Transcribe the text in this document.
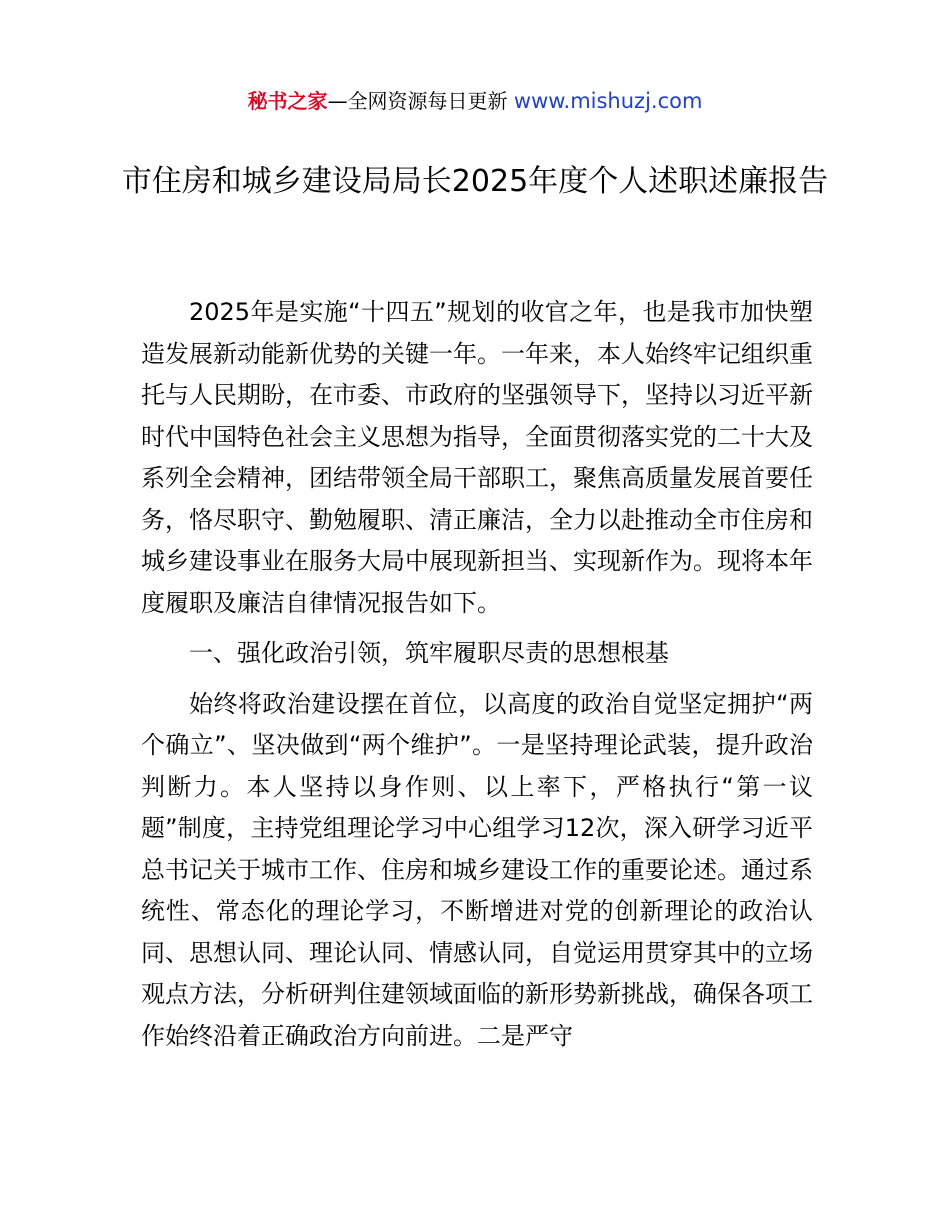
秘书之家—全网资源每日更新 www.mishuzj.com
市住房和城乡建设局局长2025年度个人述职述廉报告

2025年是实施“十四五”规划的收官之年，也是我市加快塑造发展新动能新优势的关键一年。一年来，本人始终牢记组织重托与人民期盼，在市委、市政府的坚强领导下，坚持以习近平新时代中国特色社会主义思想为指导，全面贯彻落实党的二十大及系列全会精神，团结带领全局干部职工，聚焦高质量发展首要任务，恪尽职守、勤勉履职、清正廉洁，全力以赴推动全市住房和城乡建设事业在服务大局中展现新担当、实现新作为。现将本年度履职及廉洁自律情况报告如下。

一、强化政治引领，筑牢履职尽责的思想根基

始终将政治建设摆在首位，以高度的政治自觉坚定拥护“两个确立”、坚决做到“两个维护”。一是坚持理论武装，提升政治判断力。本人坚持以身作则、以上率下，严格执行“第一议题”制度，主持党组理论学习中心组学习12次，深入研学习近平总书记关于城市工作、住房和城乡建设工作的重要论述。通过系统性、常态化的理论学习，不断增进对党的创新理论的政治认同、思想认同、理论认同、情感认同，自觉运用贯穿其中的立场观点方法，分析研判住建领域面临的新形势新挑战，确保各项工作始终沿着正确政治方向前进。二是严守
